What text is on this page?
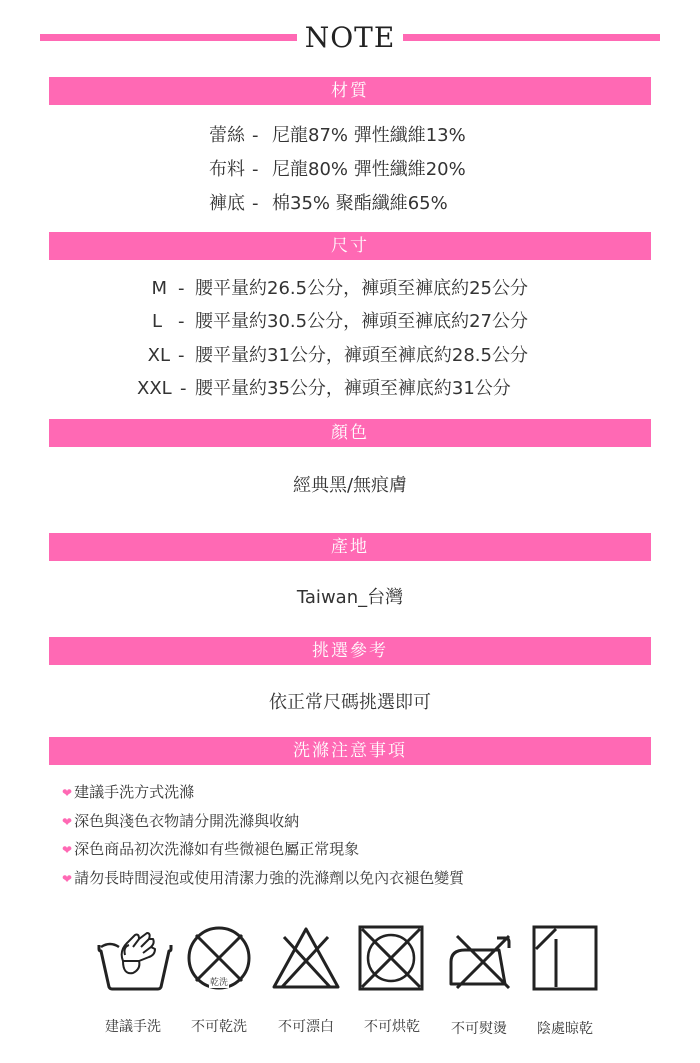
NOTE
材質
蕾絲 - 尼龍87% 彈性纖維13%
布料 - 尼龍80% 彈性纖維20%
褲底 - 棉35% 聚酯纖維65%
尺寸
M - 腰平量約26.5公分，褲頭至褲底約25公分
L - 腰平量約30.5公分，褲頭至褲底約27公分
XL - 腰平量約31公分，褲頭至褲底約28.5公分
XXL - 腰平量約35公分，褲頭至褲底約31公分
顏色
經典黑/無痕膚
產地
Taiwan_台灣
挑選參考
依正常尺碼挑選即可
洗滌注意事項
❤ 建議手洗方式洗滌
❤ 深色與淺色衣物請分開洗滌與收納
❤ 深色商品初次洗滌如有些微褪色屬正常現象
❤ 請勿長時間浸泡或使用清潔力強的洗滌劑以免內衣褪色變質
乾洗
建議手洗	不可乾洗	不可漂白	不可烘乾	不可熨燙	陰處晾乾
